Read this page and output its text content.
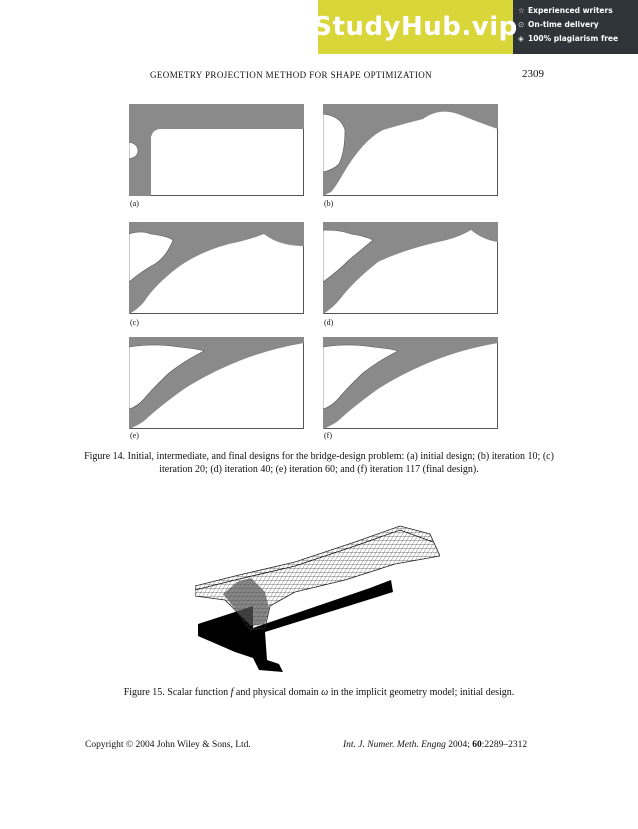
StudyHub.vip
☆ Experienced writers
⊙ On-time delivery
◈ 100% plagiarism free
GEOMETRY PROJECTION METHOD FOR SHAPE OPTIMIZATION	2309
(a)	(b)
(c)	(d)
(e)	(f)
Figure 14. Initial, intermediate, and final designs for the bridge-design problem: (a) initial design; (b) iteration 10; (c) iteration 20; (d) iteration 40; (e) iteration 60; and (f) iteration 117 (final design).
Figure 15. Scalar function f and physical domain ω in the implicit geometry model; initial design.
Copyright © 2004 John Wiley & Sons, Ltd.	Int. J. Numer. Meth. Engng 2004; 60:2289–2312
